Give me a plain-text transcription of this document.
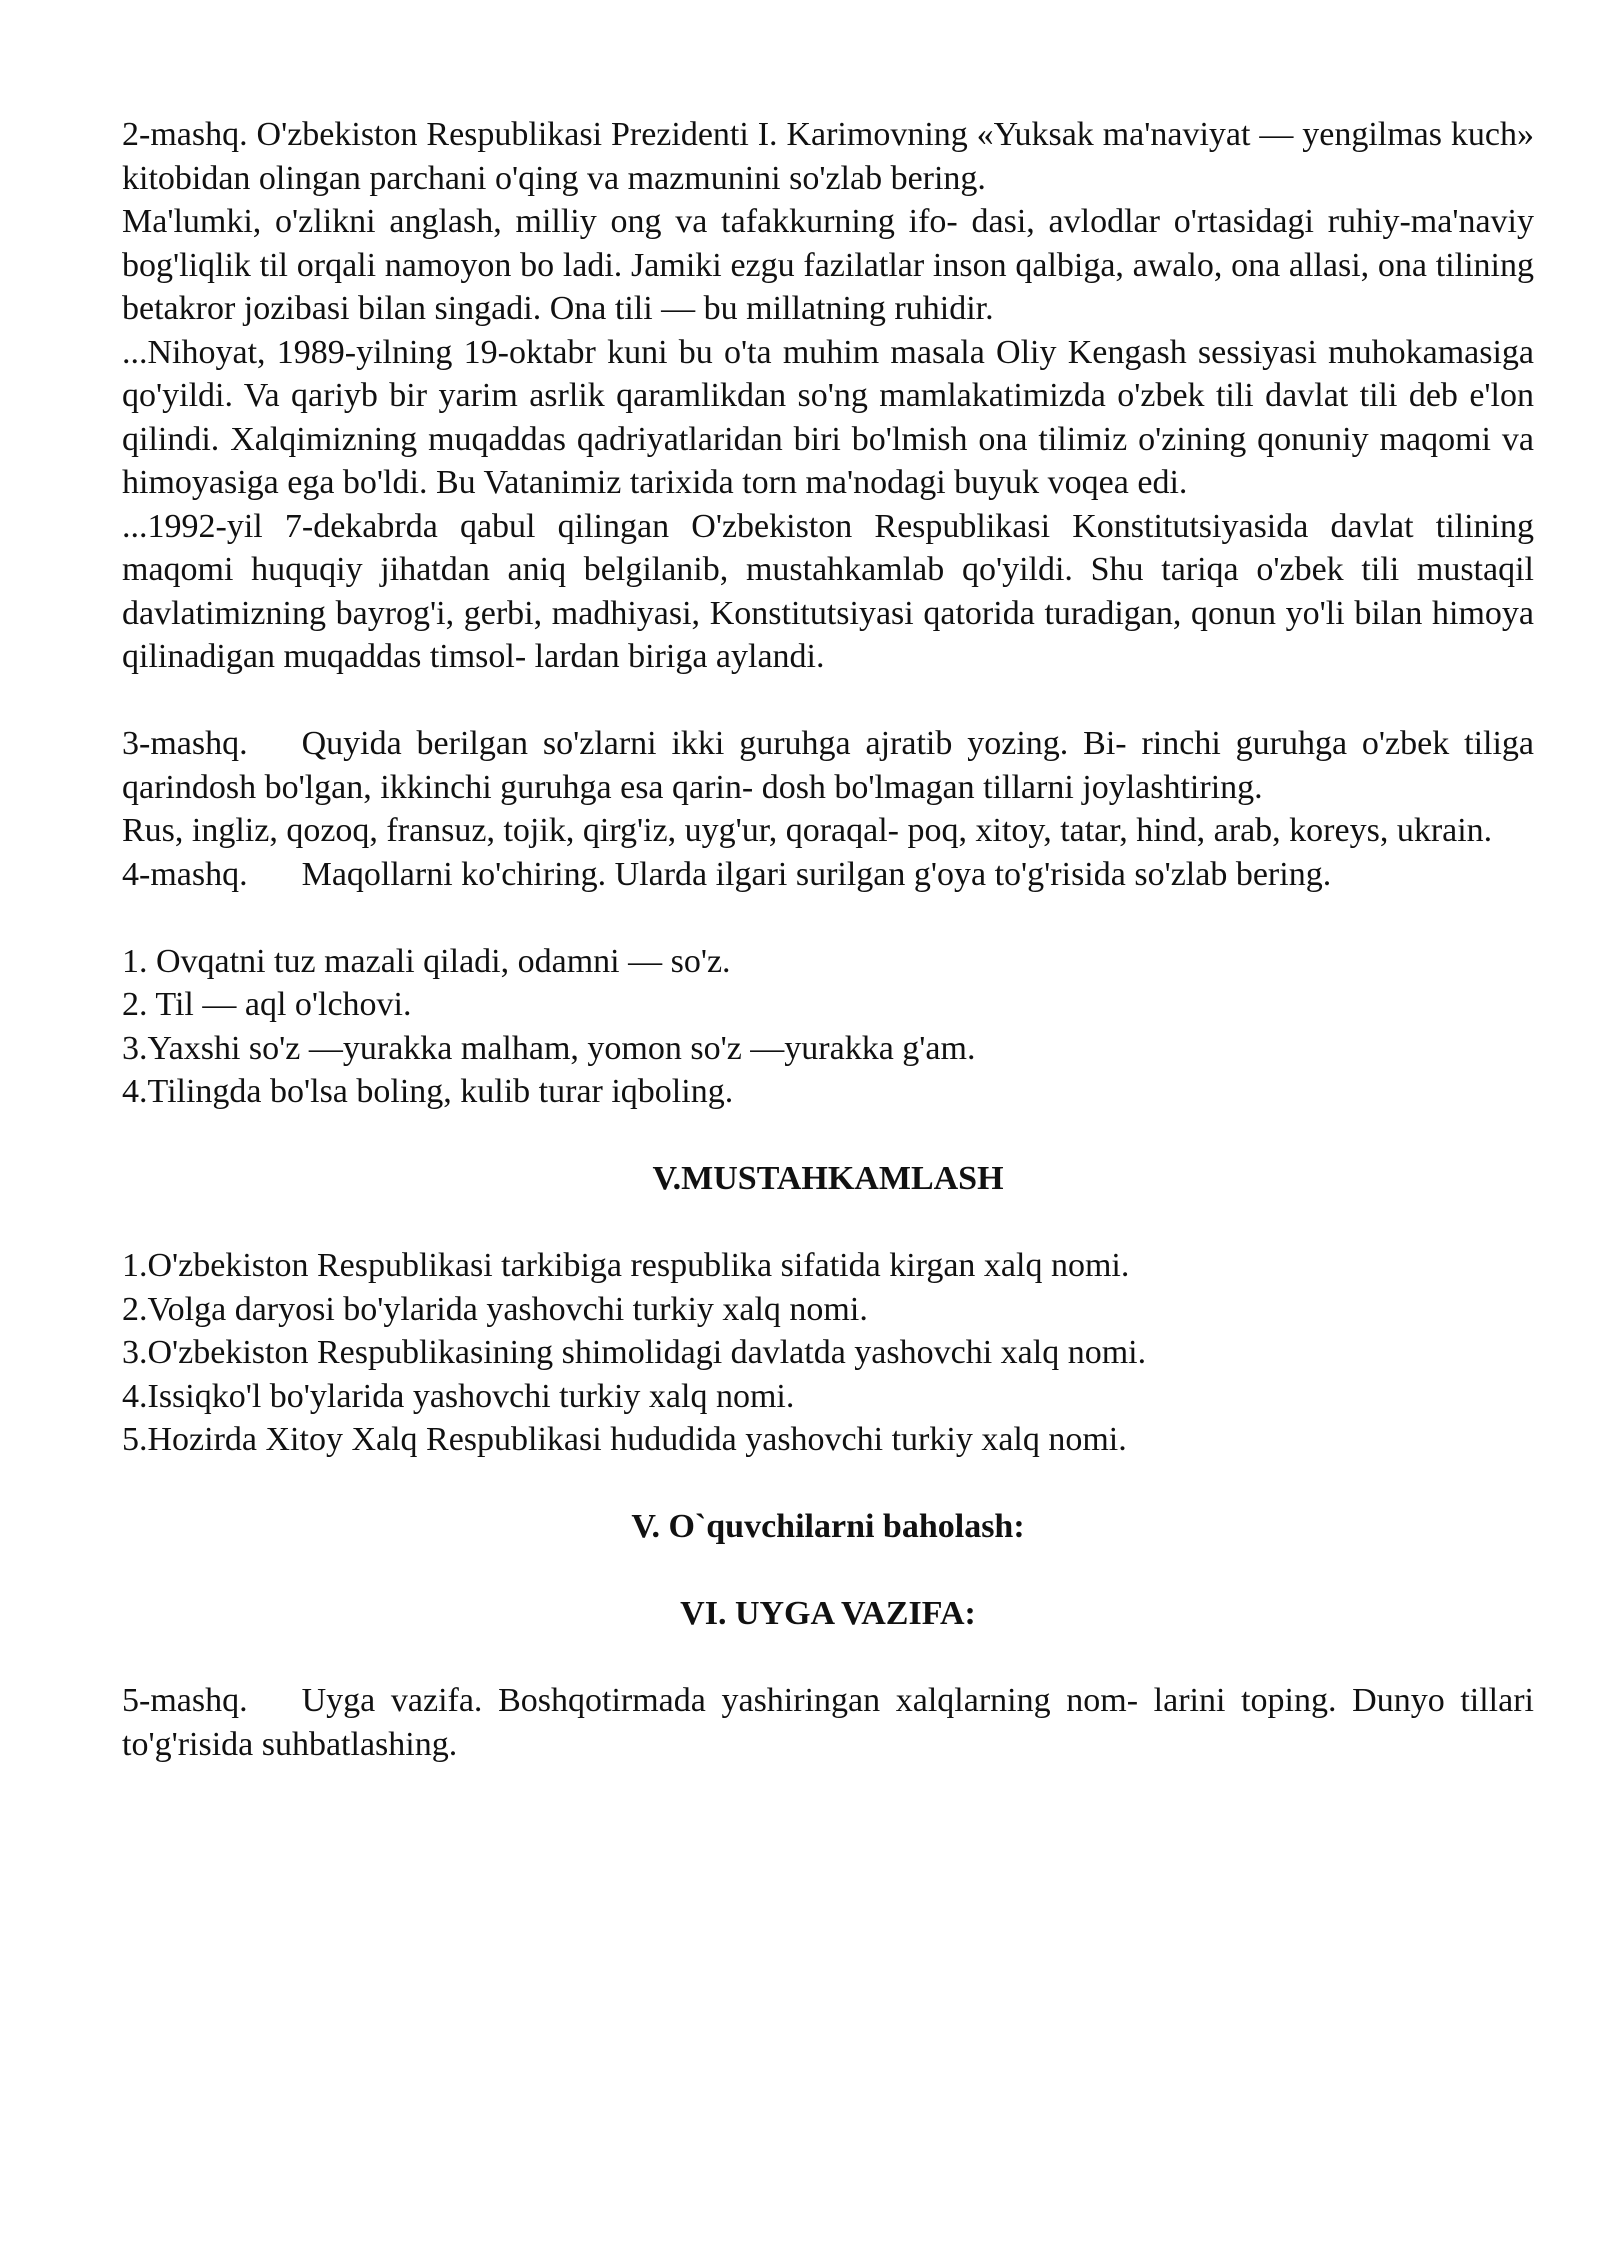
2-mashq. O'zbekiston Respublikasi Prezidenti I. Karimovning «Yuksak ma'naviyat — yengilmas kuch» kitobidan olingan parchani o'qing va mazmunini so'zlab bering.

Ma'lumki, o'zlikni anglash, milliy ong va tafakkurning ifo- dasi, avlodlar o'rtasidagi ruhiy-ma'naviy bog'liqlik til orqali namoyon bo ladi. Jamiki ezgu fazilatlar inson qalbiga, awalo, ona allasi, ona tilining betakror jozibasi bilan singadi. Ona tili — bu millatning ruhidir.

...Nihoyat, 1989-yilning 19-oktabr kuni bu o'ta muhim masala Oliy Kengash sessiyasi muhokamasiga qo'yildi. Va qariyb bir yarim asrlik qaramlikdan so'ng mamlakatimizda o'zbek tili davlat tili deb e'lon qilindi. Xalqimizning muqaddas qadriyatlaridan biri bo'lmish ona tilimiz o'zining qonuniy maqomi va himoyasiga ega bo'ldi. Bu Vatanimiz tarixida torn ma'nodagi buyuk voqea edi.

...1992-yil 7-dekabrda qabul qilingan O'zbekiston Respublikasi Konstitutsiyasida davlat tilining maqomi huquqiy jihatdan aniq belgilanib, mustahkamlab qo'yildi. Shu tariqa o'zbek tili mustaqil davlatimizning bayrog'i, gerbi, madhiyasi, Konstitutsiyasi qatorida turadigan, qonun yo'li bilan himoya qilinadigan muqaddas timsol- lardan biriga aylandi.

3-mashq. Quyida berilgan so'zlarni ikki guruhga ajratib yozing. Bi- rinchi guruhga o'zbek tiliga qarindosh bo'lgan, ikkinchi guruhga esa qarin- dosh bo'lmagan tillarni joylashtiring.

Rus, ingliz, qozoq, fransuz, tojik, qirg'iz, uyg'ur, qoraqal- poq, xitoy, tatar, hind, arab, koreys, ukrain.

4-mashq. Maqollarni ko'chiring. Ularda ilgari surilgan g'oya to'g'risida so'zlab bering.

1. Ovqatni tuz mazali qiladi, odamni — so'z.

2. Til — aql o'lchovi.

3.Yaxshi so'z —yurakka malham, yomon so'z —yurakka g'am.

4.Tilingda bo'lsa boling, kulib turar iqboling.

V.MUSTAHKAMLASH

1.O'zbekiston Respublikasi tarkibiga respublika sifatida kirgan xalq nomi.

2.Volga daryosi bo'ylarida yashovchi turkiy xalq nomi.

3.O'zbekiston Respublikasining shimolidagi davlatda yashovchi xalq nomi.

4.Issiqko'l bo'ylarida yashovchi turkiy xalq nomi.

5.Hozirda Xitoy Xalq Respublikasi hududida yashovchi turkiy xalq nomi.

V. O`quvchilarni baholash:

VI. UYGA VAZIFA:

5-mashq. Uyga vazifa. Boshqotirmada yashiringan xalqlarning nom- larini toping. Dunyo tillari to'g'risida suhbatlashing.
